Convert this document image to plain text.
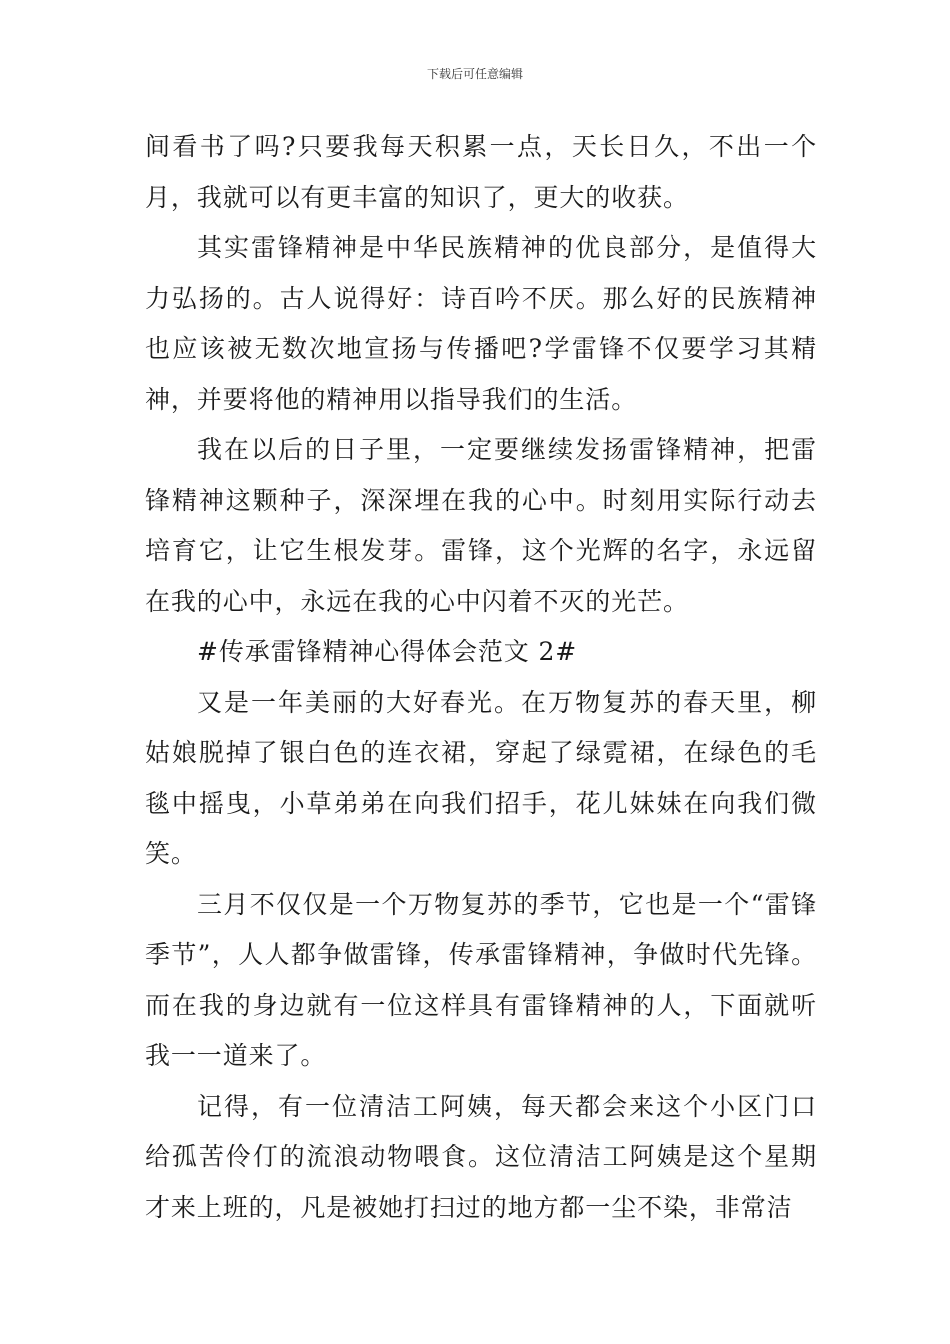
下载后可任意编辑

间看书了吗?只要我每天积累一点，天长日久，不出一个月，我就可以有更丰富的知识了，更大的收获。

其实雷锋精神是中华民族精神的优良部分，是值得大力弘扬的。古人说得好：诗百吟不厌。那么好的民族精神也应该被无数次地宣扬与传播吧?学雷锋不仅要学习其精神，并要将他的精神用以指导我们的生活。

我在以后的日子里，一定要继续发扬雷锋精神，把雷锋精神这颗种子，深深埋在我的心中。时刻用实际行动去培育它，让它生根发芽。雷锋，这个光辉的名字，永远留在我的心中，永远在我的心中闪着不灭的光芒。

#传承雷锋精神心得体会范文 2#

又是一年美丽的大好春光。在万物复苏的春天里，柳姑娘脱掉了银白色的连衣裙，穿起了绿霓裙，在绿色的毛毯中摇曳，小草弟弟在向我们招手，花儿妹妹在向我们微笑。

三月不仅仅是一个万物复苏的季节，它也是一个“雷锋季节”，人人都争做雷锋，传承雷锋精神，争做时代先锋。而在我的身边就有一位这样具有雷锋精神的人，下面就听我一一道来了。

记得，有一位清洁工阿姨，每天都会来这个小区门口给孤苦伶仃的流浪动物喂食。这位清洁工阿姨是这个星期才来上班的，凡是被她打扫过的地方都一尘不染，非常洁
